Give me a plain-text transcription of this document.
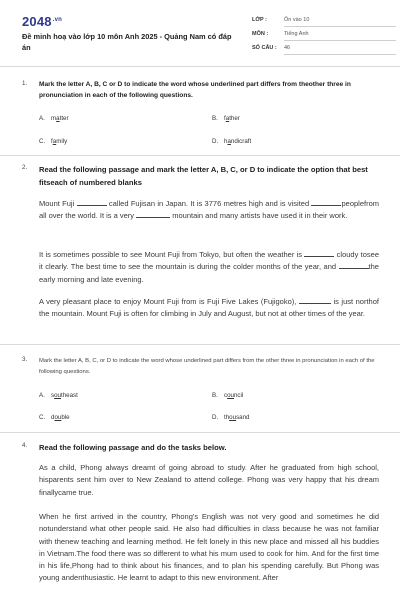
$2048^{.vn}$
Đề minh hoạ vào lớp 10 môn Anh 2025 - Quảng Nam có đáp án
LỚP :	Ôn vào 10
MÔN :	Tiếng Anh
SỐ CÂU :	46
1. Mark the letter A, B, C or D to indicate the word whose underlined part differs from theother three in pronunciation in each of the following questions.
A. matter	B. father
C. family	D. handicraft
2. Read the following passage and mark the letter A, B, C, or D to indicate the option that best fitseach of numbered blanks
Mount Fuji	called Fujisan in Japan. It is 3776 metres high and is visited	peoplefrom all over the world. It is a very	mountain and many artists have used it in their work.
It is sometimes possible to see Mount Fuji from Tokyo, but often the weather is	cloudy tosee it clearly. The best time to see the mountain is during the colder months of the year, and	the early morning and late evening.
A very pleasant place to enjoy Mount Fuji from is Fuji Five Lakes (Fujigoko),	is just northof the mountain. Mount Fuji is often for climbing in July and August, but not at other times of the year.
3. Mark the letter A, B, C, or D to indicate the word whose underlined part differs from the other three in pronunciation in each of the following questions.
A. southeast	B. council
C. double	D. thousand
4. Read the following passage and do the tasks below.
As a child, Phong always dreamt of going abroad to study. After he graduated from high school, hisparents sent him over to New Zealand to attend college. Phong was very happy that his dream finallycame true.
When he first arrived in the country, Phong's English was not very good and sometimes he did notunderstand what other people said. He also had difficulties in class because he was not familiar with thenew teaching and learning method. He felt lonely in this new place and missed all his buddies in Vietnam.The food there was so different to what his mum used to cook for him. And for the first time in his life,Phong had to think about his finances, and to plan his spending carefully. But Phong was young andenthusiastic. He learnt to adapt to this new environment. After
